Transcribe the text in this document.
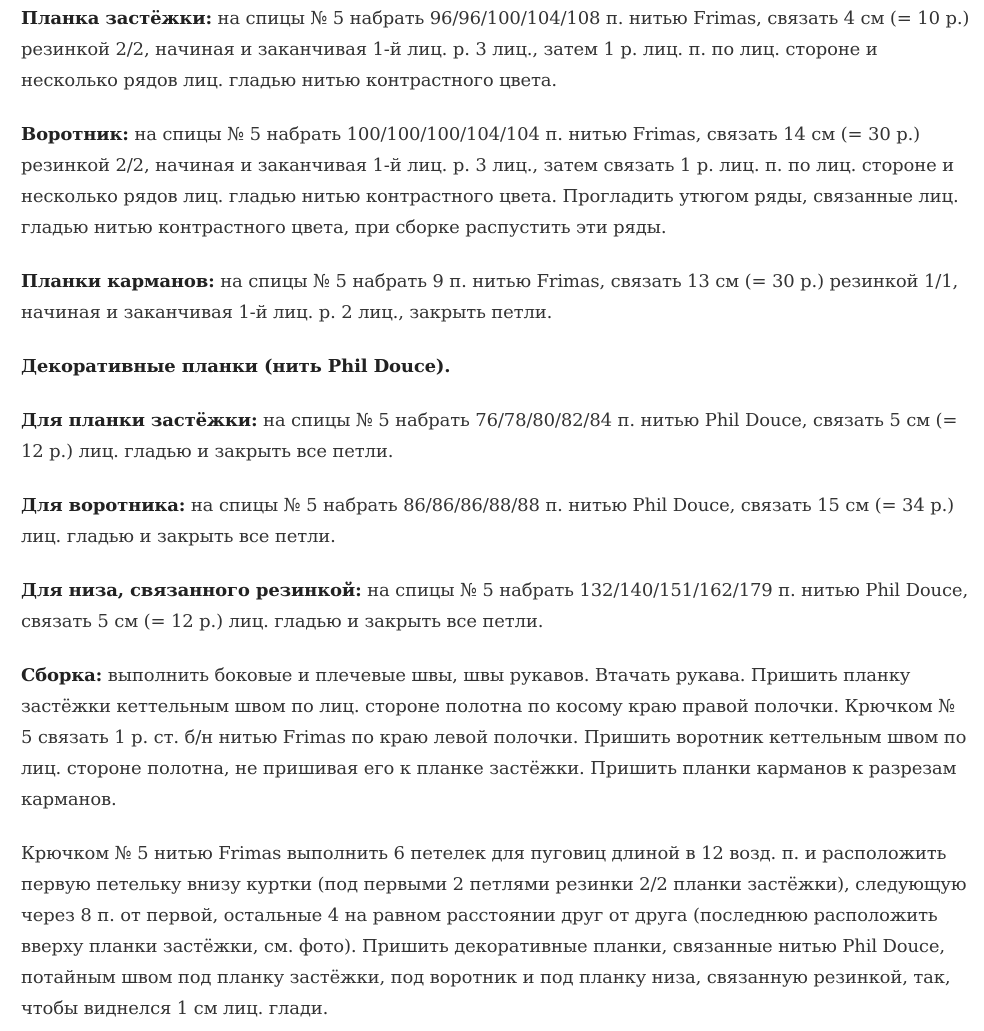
Планка застёжки: на спицы № 5 набрать 96/96/100/104/108 п. нитью Frimas, связать 4 см (= 10 р.) резинкой 2/2, начиная и заканчивая 1-й лиц. р. 3 лиц., затем 1 р. лиц. п. по лиц. стороне и несколько рядов лиц. гладью нитью контрастного цвета.

Воротник: на спицы № 5 набрать 100/100/100/104/104 п. нитью Frimas, связать 14 см (= 30 р.) резинкой 2/2, начиная и заканчивая 1-й лиц. р. 3 лиц., затем связать 1 р. лиц. п. по лиц. стороне и несколько рядов лиц. гладью нитью контрастного цвета. Прогладить утюгом ряды, связанные лиц. гладью нитью контрастного цвета, при сборке распустить эти ряды.

Планки карманов: на спицы № 5 набрать 9 п. нитью Frimas, связать 13 см (= 30 р.) резинкой 1/1, начиная и заканчивая 1-й лиц. р. 2 лиц., закрыть петли.

Декоративные планки (нить Phil Douce).

Для планки застёжки: на спицы № 5 набрать 76/78/80/82/84 п. нитью Phil Douce, связать 5 см (= 12 р.) лиц. гладью и закрыть все петли.

Для воротника: на спицы № 5 набрать 86/86/86/88/88 п. нитью Phil Douce, связать 15 см (= 34 р.) лиц. гладью и закрыть все петли.

Для низа, связанного резинкой: на спицы № 5 набрать 132/140/151/162/179 п. нитью Phil Douce, связать 5 см (= 12 р.) лиц. гладью и закрыть все петли.

Сборка: выполнить боковые и плечевые швы, швы рукавов. Втачать рукава. Пришить планку застёжки кеттельным швом по лиц. стороне полотна по косому краю правой полочки. Крючком № 5 связать 1 р. ст. б/н нитью Frimas по краю левой полочки. Пришить воротник кеттельным швом по лиц. стороне полотна, не пришивая его к планке застёжки. Пришить планки карманов к разрезам карманов.

Крючком № 5 нитью Frimas выполнить 6 петелек для пуговиц длиной в 12 возд. п. и расположить первую петельку внизу куртки (под первыми 2 петлями резинки 2/2 планки застёжки), следующую через 8 п. от первой, остальные 4 на равном расстоянии друг от друга (последнюю расположить вверху планки застёжки, см. фото). Пришить декоративные планки, связанные нитью Phil Douce, потайным швом под планку застёжки, под воротник и под планку низа, связанную резинкой, так, чтобы виднелся 1 см лиц. глади.
